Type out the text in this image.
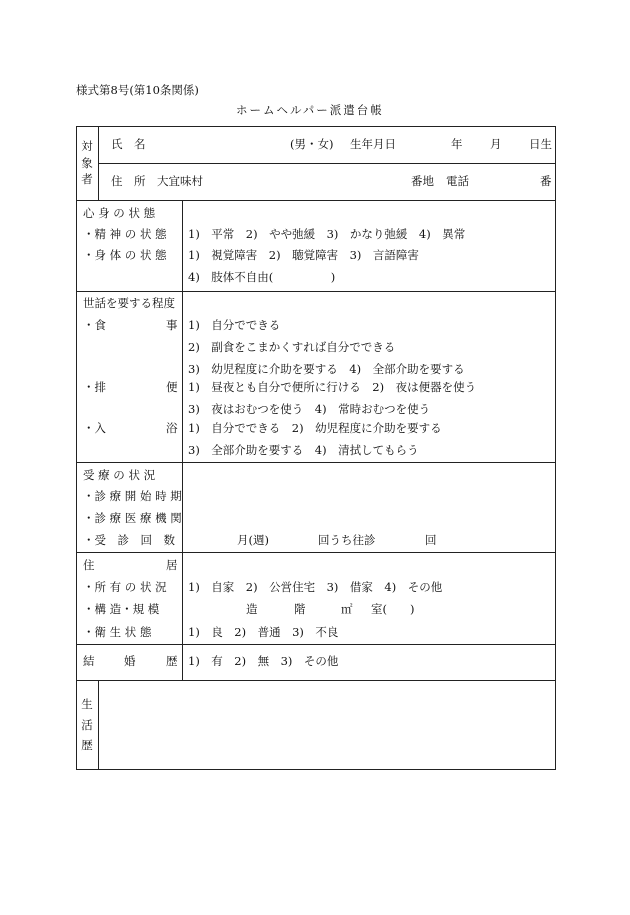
様式第8号(第10条関係)
ホームヘルパー派遣台帳
対
象
者
氏　名	(男・女) 生年月日	年 月 日生
住　所 大宜味村	番地 電話	番
心 身 の 状 態
・精 神 の 状 態 1)　平常　2)　やや弛緩　3)　かなり弛緩　4)　異常
・身 体 の 状 態 1)　視覚障害　2)　聴覚障害　3)　言語障害
4)　肢体不自由(　　　　　)
世話を要する程度
・食	事 1)　自分でできる
2)　副食をこまかくすれば自分でできる
3)　幼児程度に介助を要する　4)　全部介助を要する
・排	便 1)　昼夜とも自分で便所に行ける　2)　夜は便器を使う
3)　夜はおむつを使う　4)　常時おむつを使う
・入	浴 1)　自分でできる　2)　幼児程度に介助を要する
3)　全部介助を要する　4)　清拭してもらう
受 療 の 状 況
・診 療 開 始 時 期
・診 療 医 療 機 関
・受　診　回　数	月(週)	回うち往診	回
住	居
・所 有 の 状 況 1)　自家　2)　公営住宅　3)　借家　4)　その他
・構 造・規 模	造	階	㎡ 室(　　)
・衛 生 状 態	1)　良　2)　普通　3)　不良
結	婚	歴 1)　有　2)　無　3)　その他
生
活
歴
